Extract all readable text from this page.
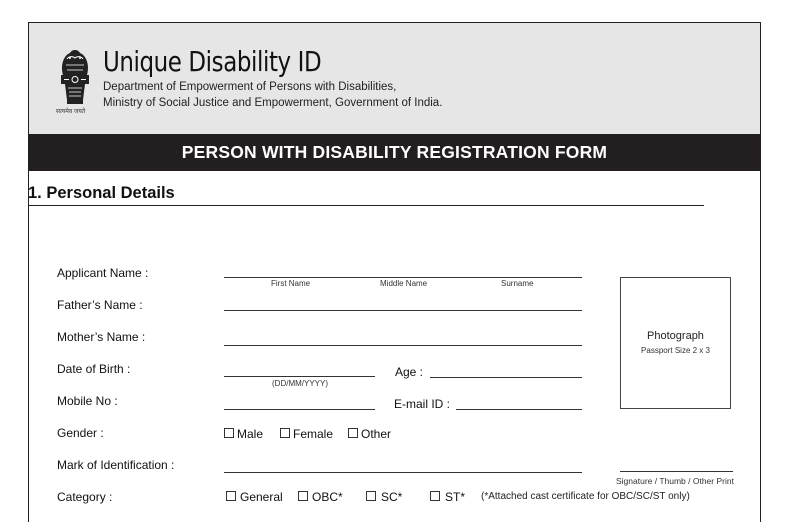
सत्यमेव जयते
Unique Disability ID
Department of Empowerment of Persons with Disabilities,
Ministry of Social Justice and Empowerment, Government of India.
PERSON WITH DISABILITY REGISTRATION FORM
1. Personal Details
Applicant Name :
First Name	Middle Name	Surname
Father’s Name :
Mother’s Name :
Date of Birth :
(DD/MM/YYYY)
Age :
Mobile No :	E-mail ID :
Gender :	Male Female Other
Mark of Identification :
Category :	General OBC*	SC*	ST* (*Attached cast certificate for OBC/SC/ST only)
Photograph
Passport Size 2 x 3
Signature / Thumb / Other Print
